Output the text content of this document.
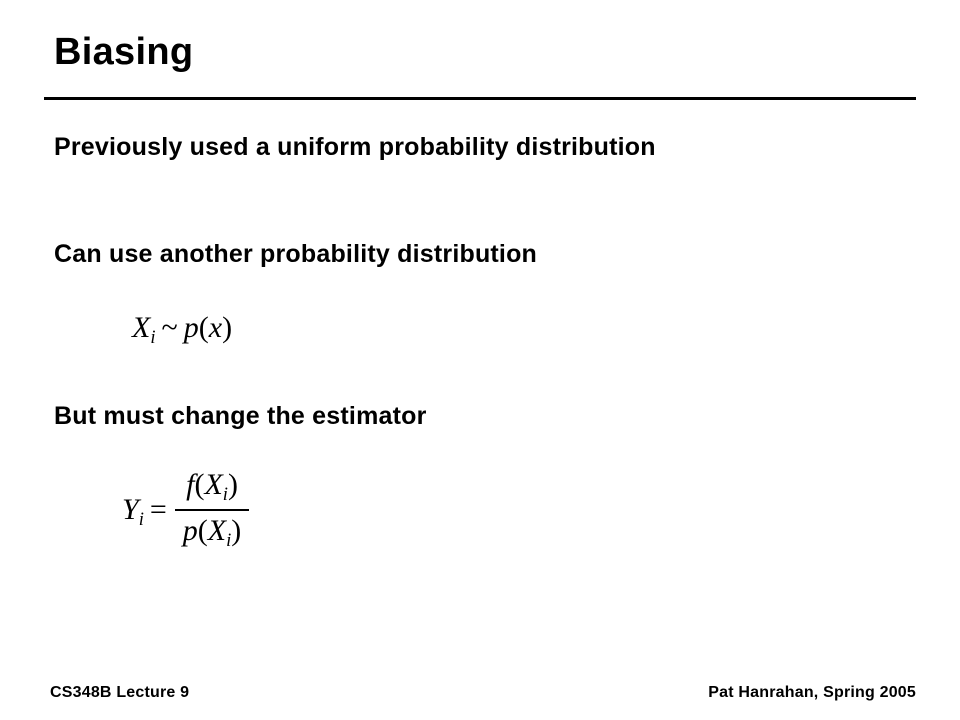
Biasing
Previously used a uniform probability distribution
Can use another probability distribution
But must change the estimator
$X_i$ ~ p(x)
$Y_i = \frac{f(X_i)}{p(X_i)}$
CS348B Lecture 9	Pat Hanrahan, Spring 2005
